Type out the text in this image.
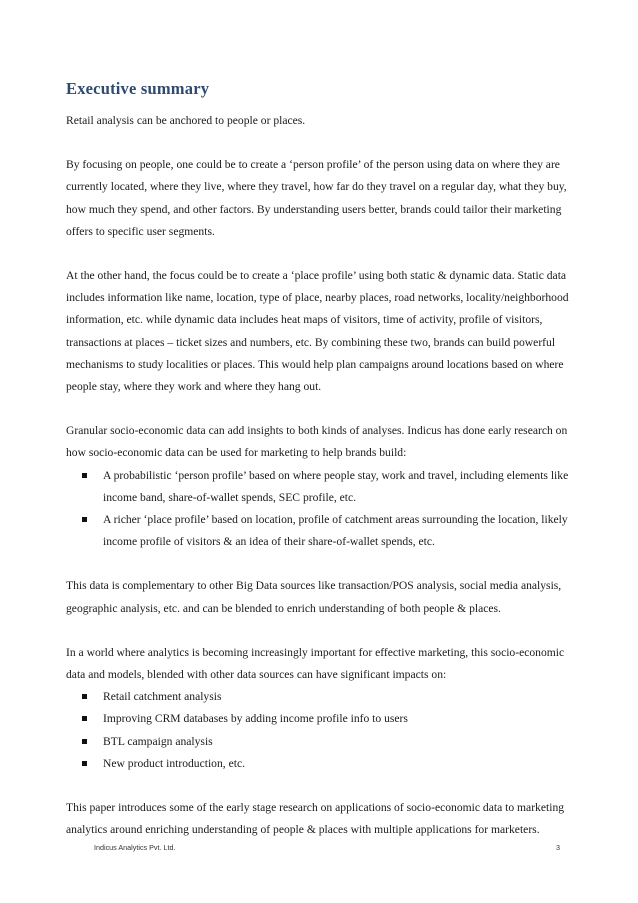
Executive summary

Retail analysis can be anchored to people or places.

By focusing on people, one could be to create a ‘person profile’ of the person using data on where they are currently located, where they live, where they travel, how far do they travel on a regular day, what they buy, how much they spend, and other factors. By understanding users better, brands could tailor their marketing offers to specific user segments.

At the other hand, the focus could be to create a ‘place profile’ using both static & dynamic data. Static data includes information like name, location, type of place, nearby places, road networks, locality/neighborhood information, etc. while dynamic data includes heat maps of visitors, time of activity, profile of visitors, transactions at places – ticket sizes and numbers, etc. By combining these two, brands can build powerful mechanisms to study localities or places. This would help plan campaigns around locations based on where people stay, where they work and where they hang out.

Granular socio-economic data can add insights to both kinds of analyses. Indicus has done early research on how socio-economic data can be used for marketing to help brands build:

A probabilistic ‘person profile’ based on where people stay, work and travel, including elements like income band, share-of-wallet spends, SEC profile, etc.
A richer ‘place profile’ based on location, profile of catchment areas surrounding the location, likely income profile of visitors & an idea of their share-of-wallet spends, etc.

This data is complementary to other Big Data sources like transaction/POS analysis, social media analysis, geographic analysis, etc. and can be blended to enrich understanding of both people & places.

In a world where analytics is becoming increasingly important for effective marketing, this socio-economic data and models, blended with other data sources can have significant impacts on:

Retail catchment analysis
Improving CRM databases by adding income profile info to users
BTL campaign analysis
New product introduction, etc.

This paper introduces some of the early stage research on applications of socio-economic data to marketing analytics around enriching understanding of people & places with multiple applications for marketers.

Indicus Analytics Pvt. Ltd.	3
